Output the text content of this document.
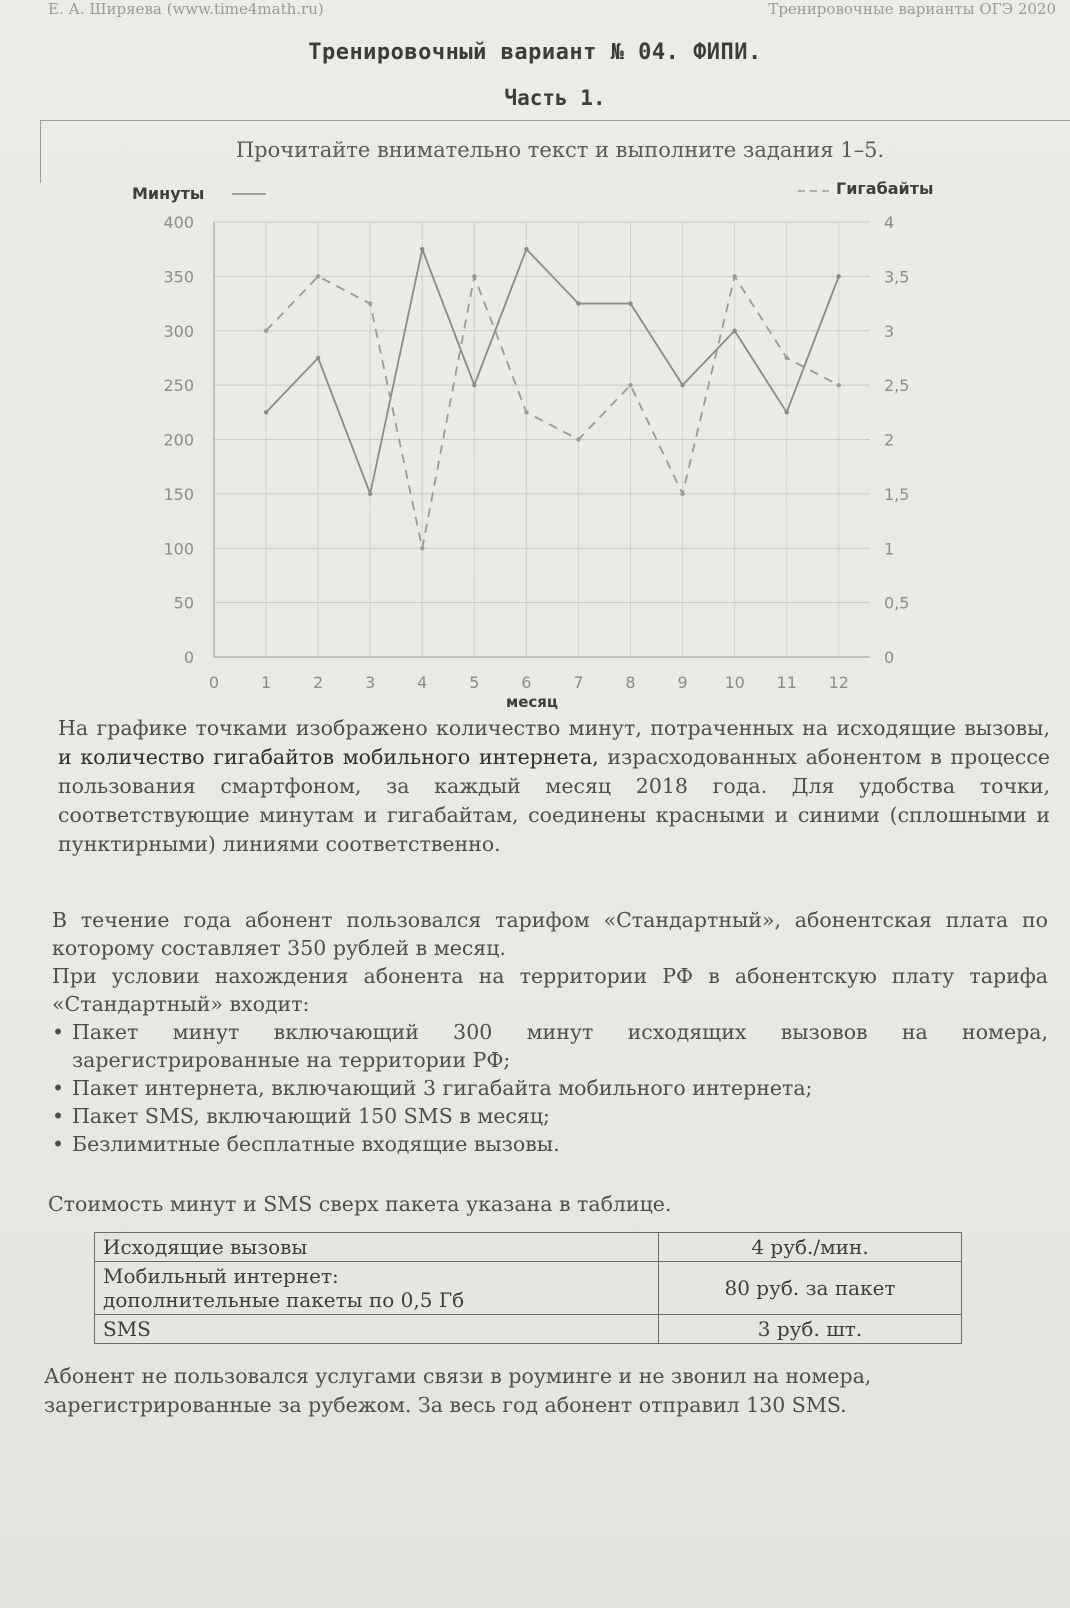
Е. А. Ширяева (www.time4math.ru)	Тренировочные варианты ОГЭ 2020
Тренировочный вариант № 04. ФИПИ.
Часть 1.
Прочитайте внимательно текст и выполните задания 1–5.
0
50
100
150
200
250
300
350
400
0
0,5
1
1,5
2
2,5
3
3,5
4
0	1	2	3	4	5	6	7	8	9 10 11 12
Минуты	Гигабайты
месяц
На графике точками изображено количество минут, потраченных на исходящие вызовы, и количество гигабайтов мобильного интернета, израсходованных абонентом в процессе пользования смартфоном, за каждый месяц 2018 года. Для удобства точки, соответствующие минутам и гигабайтам, соединены красными и синими (сплошными и пунктирными) линиями соответственно.

В течение года абонент пользовался тарифом «Стандартный», абонентская плата по которому составляет 350 рублей в месяц.

При условии нахождения абонента на территории РФ в абонентскую плату тарифа «Стандартный» входит:

• Пакет минут включающий 300 минут исходящих вызовов на номера, зарегистрированные на территории РФ;
• Пакет интернета, включающий 3 гигабайта мобильного интернета;
• Пакет SMS, включающий 150 SMS в месяц;
• Безлимитные бесплатные входящие вызовы.
Стоимость минут и SMS сверх пакета указана в таблице.
Исходящие вызовы	4 руб./мин.
Мобильный интернет:
дополнительные пакеты по 0,5 Гб	80 руб. за пакет
SMS	3 руб. шт.
Абонент не пользовался услугами связи в роуминге и не звонил на номера, зарегистрированные за рубежом. За весь год абонент отправил 130 SMS.
